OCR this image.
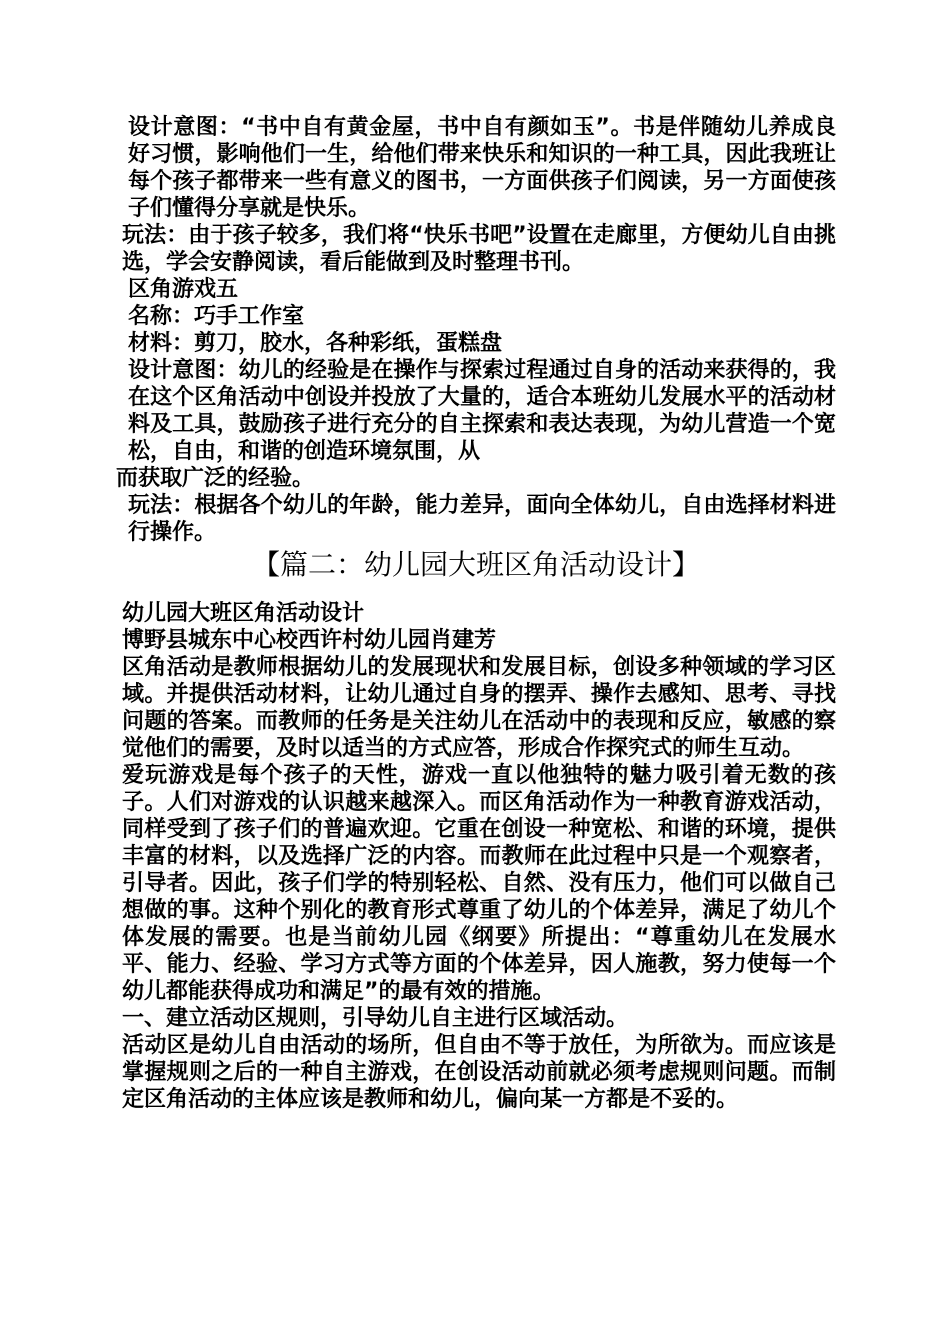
设计意图：“书中自有黄金屋，书中自有颜如玉”。书是伴随幼儿养成良好习惯，影响他们一生，给他们带来快乐和知识的一种工具，因此我班让每个孩子都带来一些有意义的图书，一方面供孩子们阅读，另一方面使孩子们懂得分享就是快乐。

玩法：由于孩子较多，我们将“快乐书吧”设置在走廊里，方便幼儿自由挑选，学会安静阅读，看后能做到及时整理书刊。

区角游戏五

名称：巧手工作室

材料：剪刀，胶水，各种彩纸，蛋糕盘

设计意图：幼儿的经验是在操作与探索过程通过自身的活动来获得的，我在这个区角活动中创设并投放了大量的，适合本班幼儿发展水平的活动材料及工具，鼓励孩子进行充分的自主探索和表达表现，为幼儿营造一个宽松，自由，和谐的创造环境氛围，从

而获取广泛的经验。

玩法：根据各个幼儿的年龄，能力差异，面向全体幼儿，自由选择材料进行操作。

【篇二：幼儿园大班区角活动设计】

幼儿园大班区角活动设计

博野县城东中心校西许村幼儿园肖建芳

区角活动是教师根据幼儿的发展现状和发展目标，创设多种领域的学习区域。并提供活动材料，让幼儿通过自身的摆弄、操作去感知、思考、寻找问题的答案。而教师的任务是关注幼儿在活动中的表现和反应，敏感的察觉他们的需要，及时以适当的方式应答，形成合作探究式的师生互动。

爱玩游戏是每个孩子的天性，游戏一直以他独特的魅力吸引着无数的孩子。人们对游戏的认识越来越深入。而区角活动作为一种教育游戏活动，同样受到了孩子们的普遍欢迎。它重在创设一种宽松、和谐的环境，提供丰富的材料，以及选择广泛的内容。而教师在此过程中只是一个观察者，引导者。因此，孩子们学的特别轻松、自然、没有压力，他们可以做自己想做的事。这种个别化的教育形式尊重了幼儿的个体差异，满足了幼儿个体发展的需要。也是当前幼儿园《纲要》所提出：“尊重幼儿在发展水平、能力、经验、学习方式等方面的个体差异，因人施教，努力使每一个幼儿都能获得成功和满足”的最有效的措施。

一、建立活动区规则，引导幼儿自主进行区域活动。

活动区是幼儿自由活动的场所，但自由不等于放任，为所欲为。而应该是掌握规则之后的一种自主游戏，在创设活动前就必须考虑规则问题。而制定区角活动的主体应该是教师和幼儿，偏向某一方都是不妥的。
